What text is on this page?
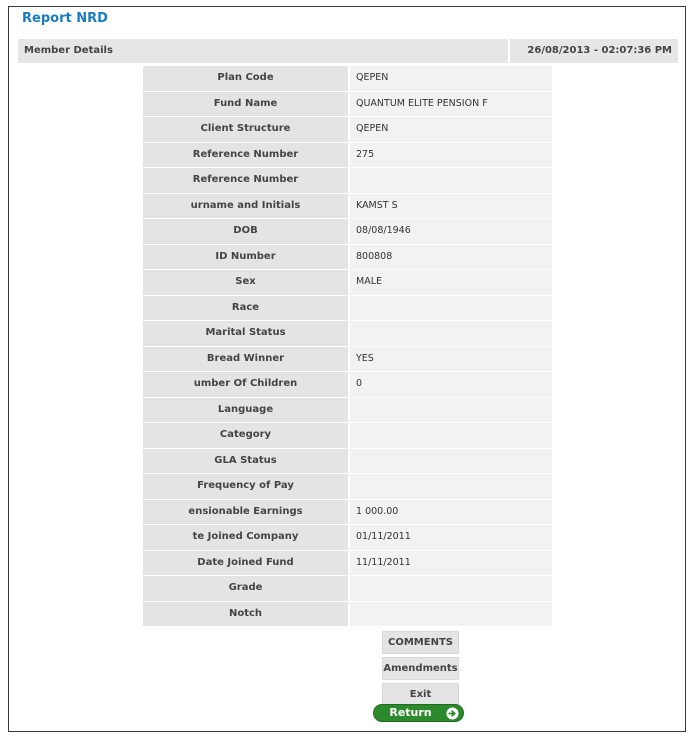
Report NRD
Member Details	26/08/2013 - 02:07:36 PM
Plan Code	QEPEN
Fund Name	QUANTUM ELITE PENSION F
Client Structure	QEPEN
Reference Number	275
Reference Number
urname and Initials	KAMST S
DOB	08/08/1946
ID Number	800808
Sex	MALE
Race
Marital Status
Bread Winner	YES
umber Of Children	0
Language
Category
GLA Status
Frequency of Pay
ensionable Earnings	1 000.00
te Joined Company	01/11/2011
Date Joined Fund	11/11/2011
Grade
Notch
COMMENTS
Amendments
Exit
Return
